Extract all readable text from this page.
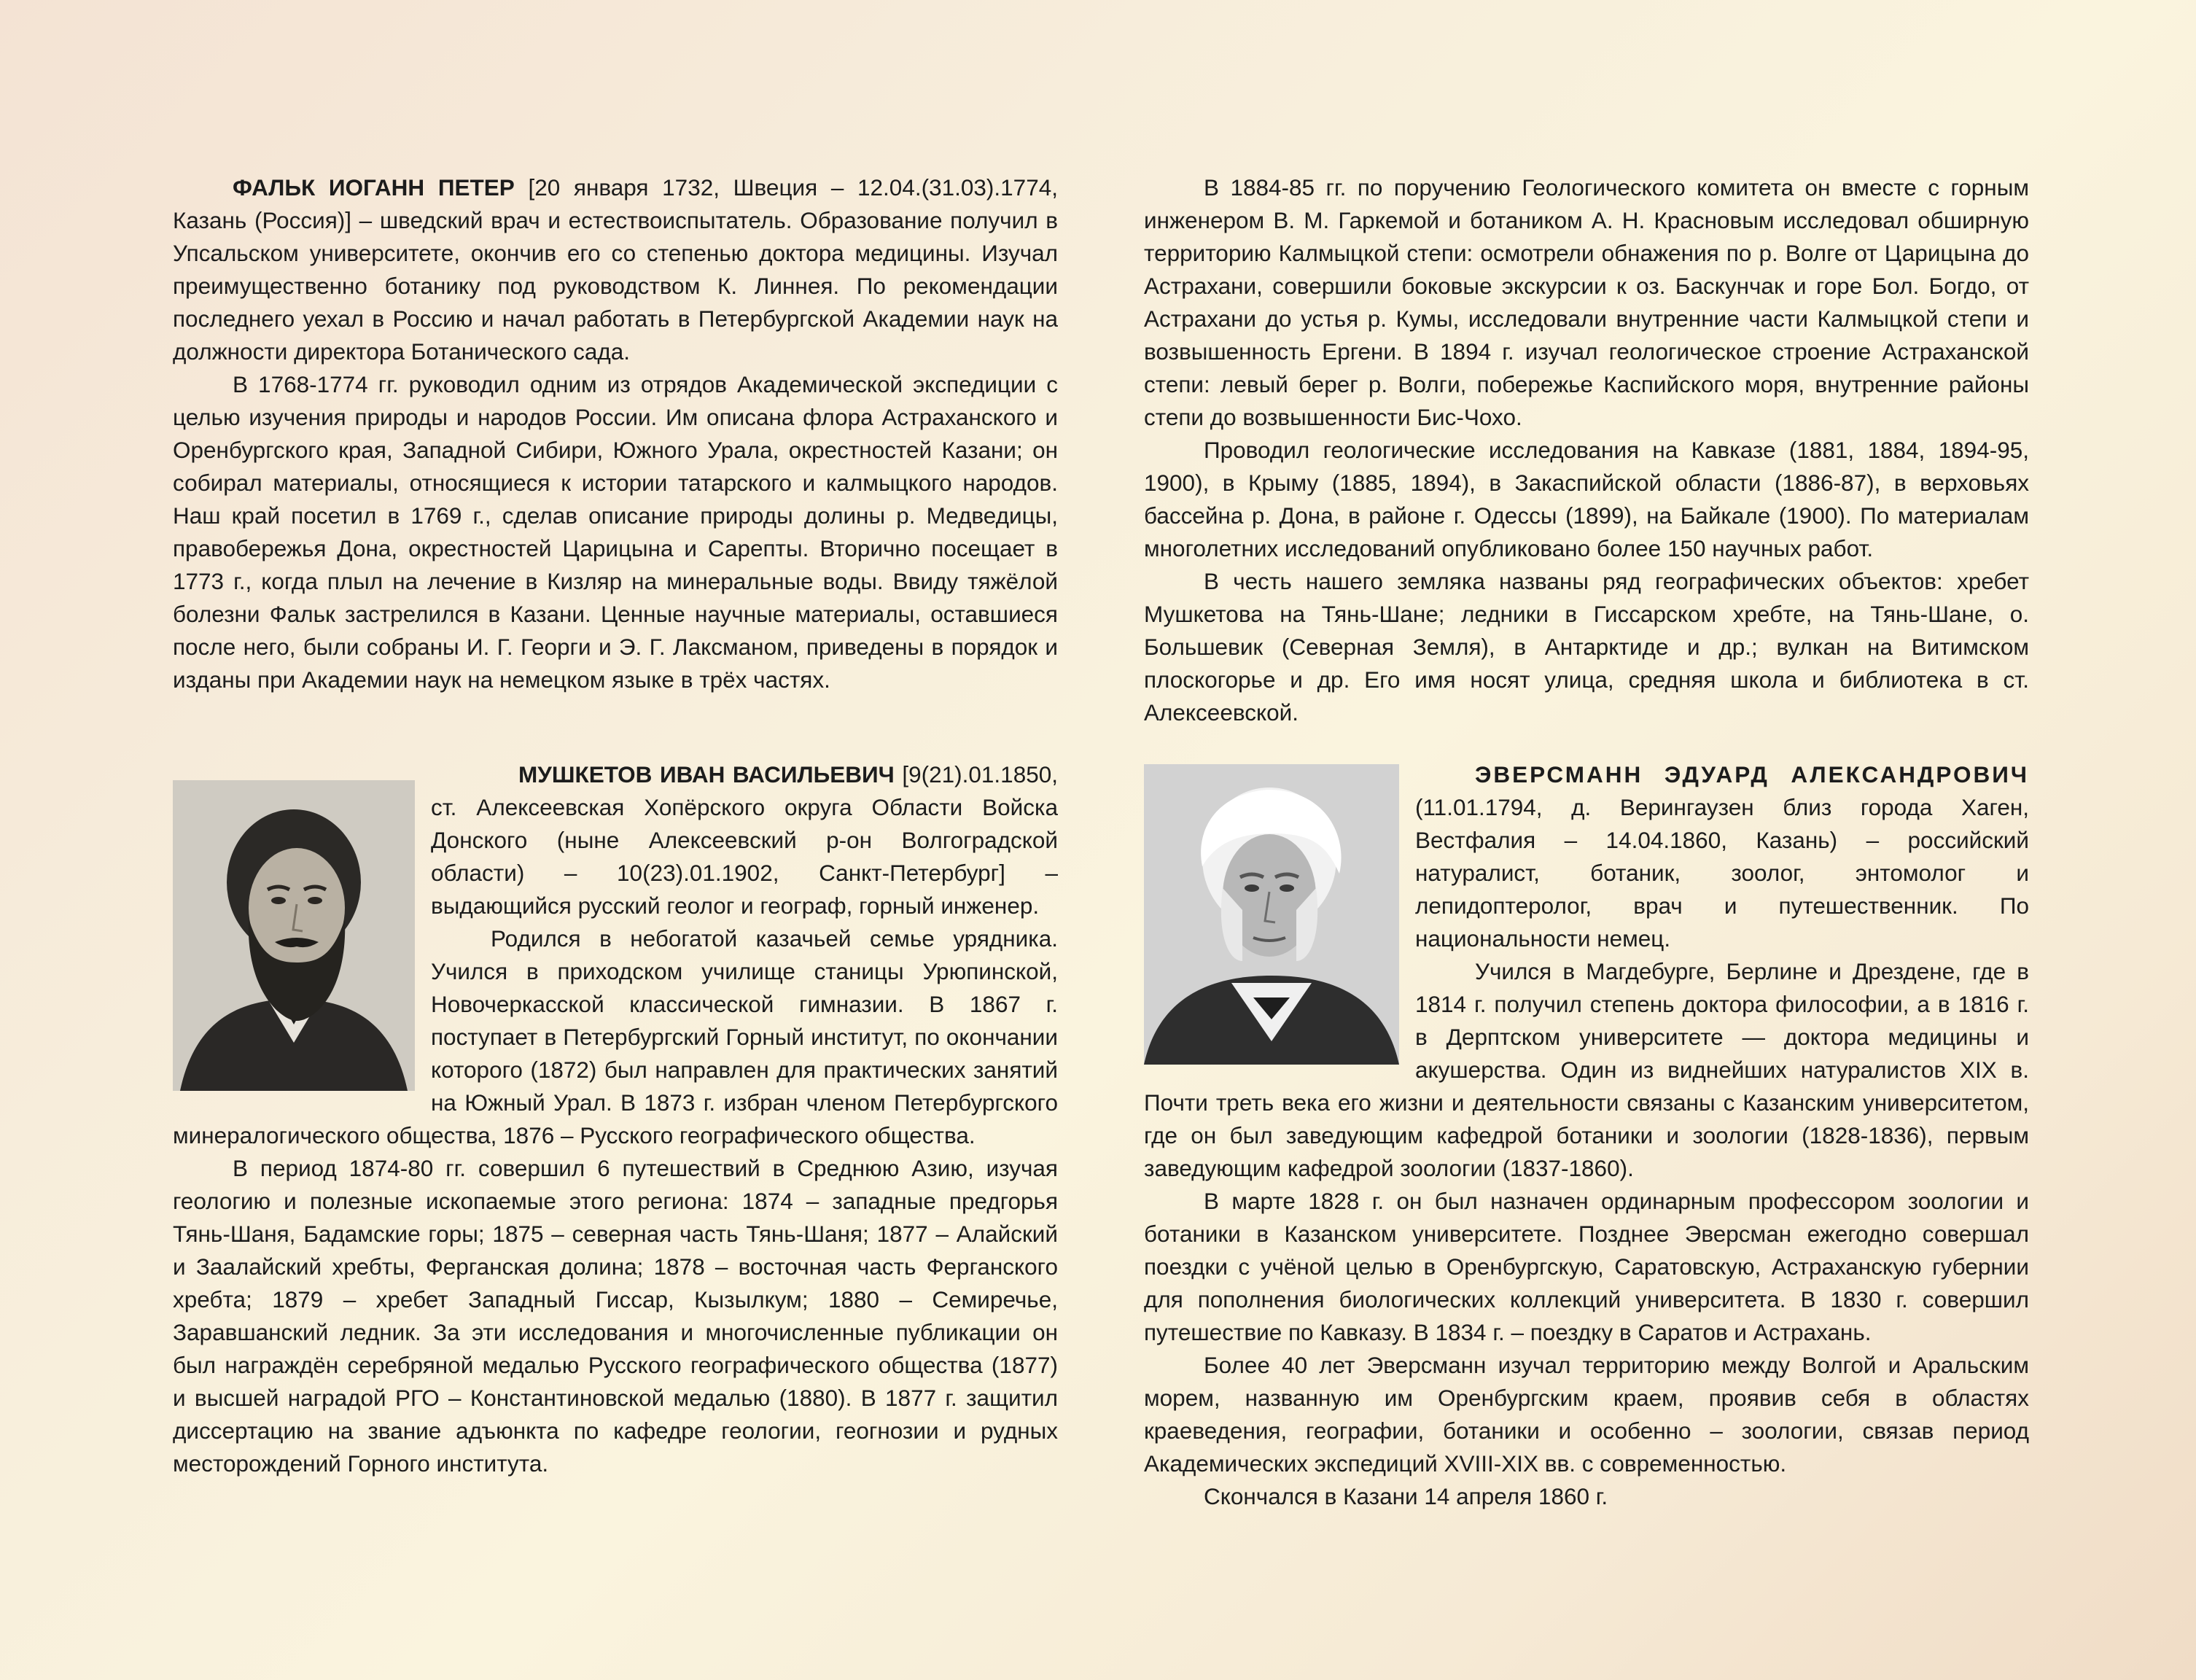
ФАЛЬК ИОГАНН ПЕТЕР [20 января 1732, Швеция – 12.04.(31.03).1774, Казань (Россия)] – шведский врач и естествоиспытатель. Образование получил в Упсальском университете, окончив его со степенью доктора медицины. Изучал преимущественно ботанику под руководством К. Линнея. По рекомендации последнего уехал в Россию и начал работать в Петербургской Академии наук на должности директора Ботанического сада.

В 1768-1774 гг. руководил одним из отрядов Академической экспедиции с целью изучения природы и народов России. Им описана флора Астраханского и Оренбургского края, Западной Сибири, Южного Урала, окрестностей Казани; он собирал материалы, относящиеся к истории татарского и калмыцкого народов. Наш край посетил в 1769 г., сделав описание природы долины р. Медведицы, правобережья Дона, окрестностей Царицына и Сарепты. Вторично посещает в 1773 г., когда плыл на лечение в Кизляр на минеральные воды. Ввиду тяжёлой болезни Фальк застрелился в Казани. Ценные научные материалы, оставшиеся после него, были собраны И. Г. Георги и Э. Г. Лаксманом, приведены в порядок и изданы при Академии наук на немецком языке в трёх частях.

В 1884-85 гг. по поручению Геологического комитета он вместе с горным инженером В. М. Гаркемой и ботаником А. Н. Красновым исследовал обширную территорию Калмыцкой степи: осмотрели обнажения по р. Волге от Царицына до Астрахани, совершили боковые экскурсии к оз. Баскунчак и горе Бол. Богдо, от Астрахани до устья р. Кумы, исследовали внутренние части Калмыцкой степи и возвышенность Ергени. В 1894 г. изучал геологическое строение Астраханской степи: левый берег р. Волги, побережье Каспийского моря, внутренние районы степи до возвышенности Бис-Чохо.

Проводил геологические исследования на Кавказе (1881, 1884, 1894-95, 1900), в Крыму (1885, 1894), в Закаспийской области (1886-87), в верховьях бассейна р. Дона, в районе г. Одессы (1899), на Байкале (1900). По материалам многолетних исследований опубликовано более 150 научных работ.

В честь нашего земляка названы ряд географических объектов: хребет Мушкетова на Тянь-Шане; ледники в Гиссарском хребте, на Тянь-Шане, о. Большевик (Северная Земля), в Антарктиде и др.; вулкан на Витимском плоскогорье и др. Его имя носят улица, средняя школа и библиотека в ст. Алексеевской.

МУШКЕТОВ ИВАН ВАСИЛЬЕВИЧ [9(21).01.1850, ст. Алексеевская Хопёрского округа Области Войска Донского (ныне Алексеевский р-он Волгоградской области) – 10(23).01.1902, Санкт-Петербург] – выдающийся русский геолог и географ, горный инженер.

Родился в небогатой казачьей семье урядника. Учился в приходском училище станицы Урюпинской, Новочеркасской классической гимназии. В 1867 г. поступает в Петербургский Горный институт, по окончании которого (1872) был направлен для практических занятий на Южный Урал. В 1873 г. избран членом Петербургского минералогического общества, 1876 – Русского географического общества.

В период 1874-80 гг. совершил 6 путешествий в Среднюю Азию, изучая геологию и полезные ископаемые этого региона: 1874 – западные предгорья Тянь-Шаня, Бадамские горы; 1875 – северная часть Тянь-Шаня; 1877 – Алайский и Заалайский хребты, Ферганская долина; 1878 – восточная часть Ферганского хребта; 1879 – хребет Западный Гиссар, Кызылкум; 1880 – Семиречье, Заравшанский ледник. За эти исследования и многочисленные публикации он был награждён серебряной медалью Русского географического общества (1877) и высшей наградой РГО – Константиновской медалью (1880). В 1877 г. защитил диссертацию на звание адъюнкта по кафедре геологии, геогнозии и рудных месторождений Горного института.

ЭВЕРСМАНН ЭДУАРД АЛЕКСАНДРОВИЧ (11.01.1794, д. Верингаузен близ города Хаген, Вестфалия – 14.04.1860, Казань) – российский натуралист, ботаник, зоолог, энтомолог и лепидоптеролог, врач и путешественник. По национальности немец.

Учился в Магдебурге, Берлине и Дрездене, где в 1814 г. получил степень доктора философии, а в 1816 г. в Дерптском университете — доктора медицины и акушерства. Один из виднейших натуралистов XIX в. Почти треть века его жизни и деятельности связаны с Казанским университетом, где он был заведующим кафедрой ботаники и зоологии (1828-1836), первым заведующим кафедрой зоологии (1837-1860).

В марте 1828 г. он был назначен ординарным профессором зоологии и ботаники в Казанском университете. Позднее Эверсман ежегодно совершал поездки с учёной целью в Оренбургскую, Саратовскую, Астраханскую губернии для пополнения биологических коллекций университета. В 1830 г. совершил путешествие по Кавказу. В 1834 г. – поездку в Саратов и Астрахань.

Более 40 лет Эверсманн изучал территорию между Волгой и Аральским морем, названную им Оренбургским краем, проявив себя в областях краеведения, географии, ботаники и особенно – зоологии, связав период Академических экспедиций XVIII-XIX вв. с современностью.

Скончался в Казани 14 апреля 1860 г.
